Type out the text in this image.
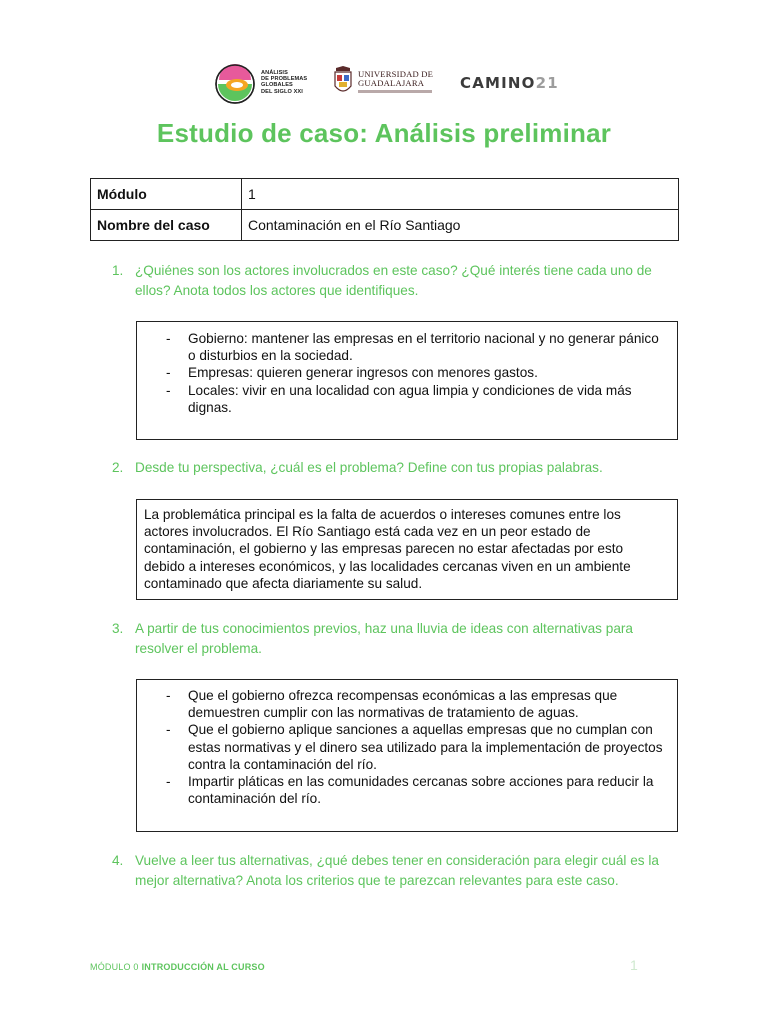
ANÁLISIS
DE PROBLEMAS
GLOBALES
DEL SIGLO XXI
UNIVERSIDAD DE
GUADALAJARA	CAMINO21
Estudio de caso: Análisis preliminar
Módulo	1
Nombre del caso	Contaminación en el Río Santiago
1. ¿Quiénes son los actores involucrados en este caso? ¿Qué interés tiene cada uno de ellos? Anota todos los actores que identifiques.
- Gobierno: mantener las empresas en el territorio nacional y no generar pánico o disturbios en la sociedad.
- Empresas: quieren generar ingresos con menores gastos.
- Locales: vivir en una localidad con agua limpia y condiciones de vida más dignas.
2. Desde tu perspectiva, ¿cuál es el problema? Define con tus propias palabras.

La problemática principal es la falta de acuerdos o intereses comunes entre los actores involucrados. El Río Santiago está cada vez en un peor estado de contaminación, el gobierno y las empresas parecen no estar afectadas por esto debido a intereses económicos, y las localidades cercanas viven en un ambiente contaminado que afecta diariamente su salud.

3. A partir de tus conocimientos previos, haz una lluvia de ideas con alternativas para resolver el problema.
- Que el gobierno ofrezca recompensas económicas a las empresas que demuestren cumplir con las normativas de tratamiento de aguas.
- Que el gobierno aplique sanciones a aquellas empresas que no cumplan con estas normativas y el dinero sea utilizado para la implementación de proyectos contra la contaminación del río.
- Impartir pláticas en las comunidades cercanas sobre acciones para reducir la contaminación del río.
4. Vuelve a leer tus alternativas, ¿qué debes tener en consideración para elegir cuál es la mejor alternativa? Anota los criterios que te parezcan relevantes para este caso.
MÓDULO 0 INTRODUCCIÓN AL CURSO	1
